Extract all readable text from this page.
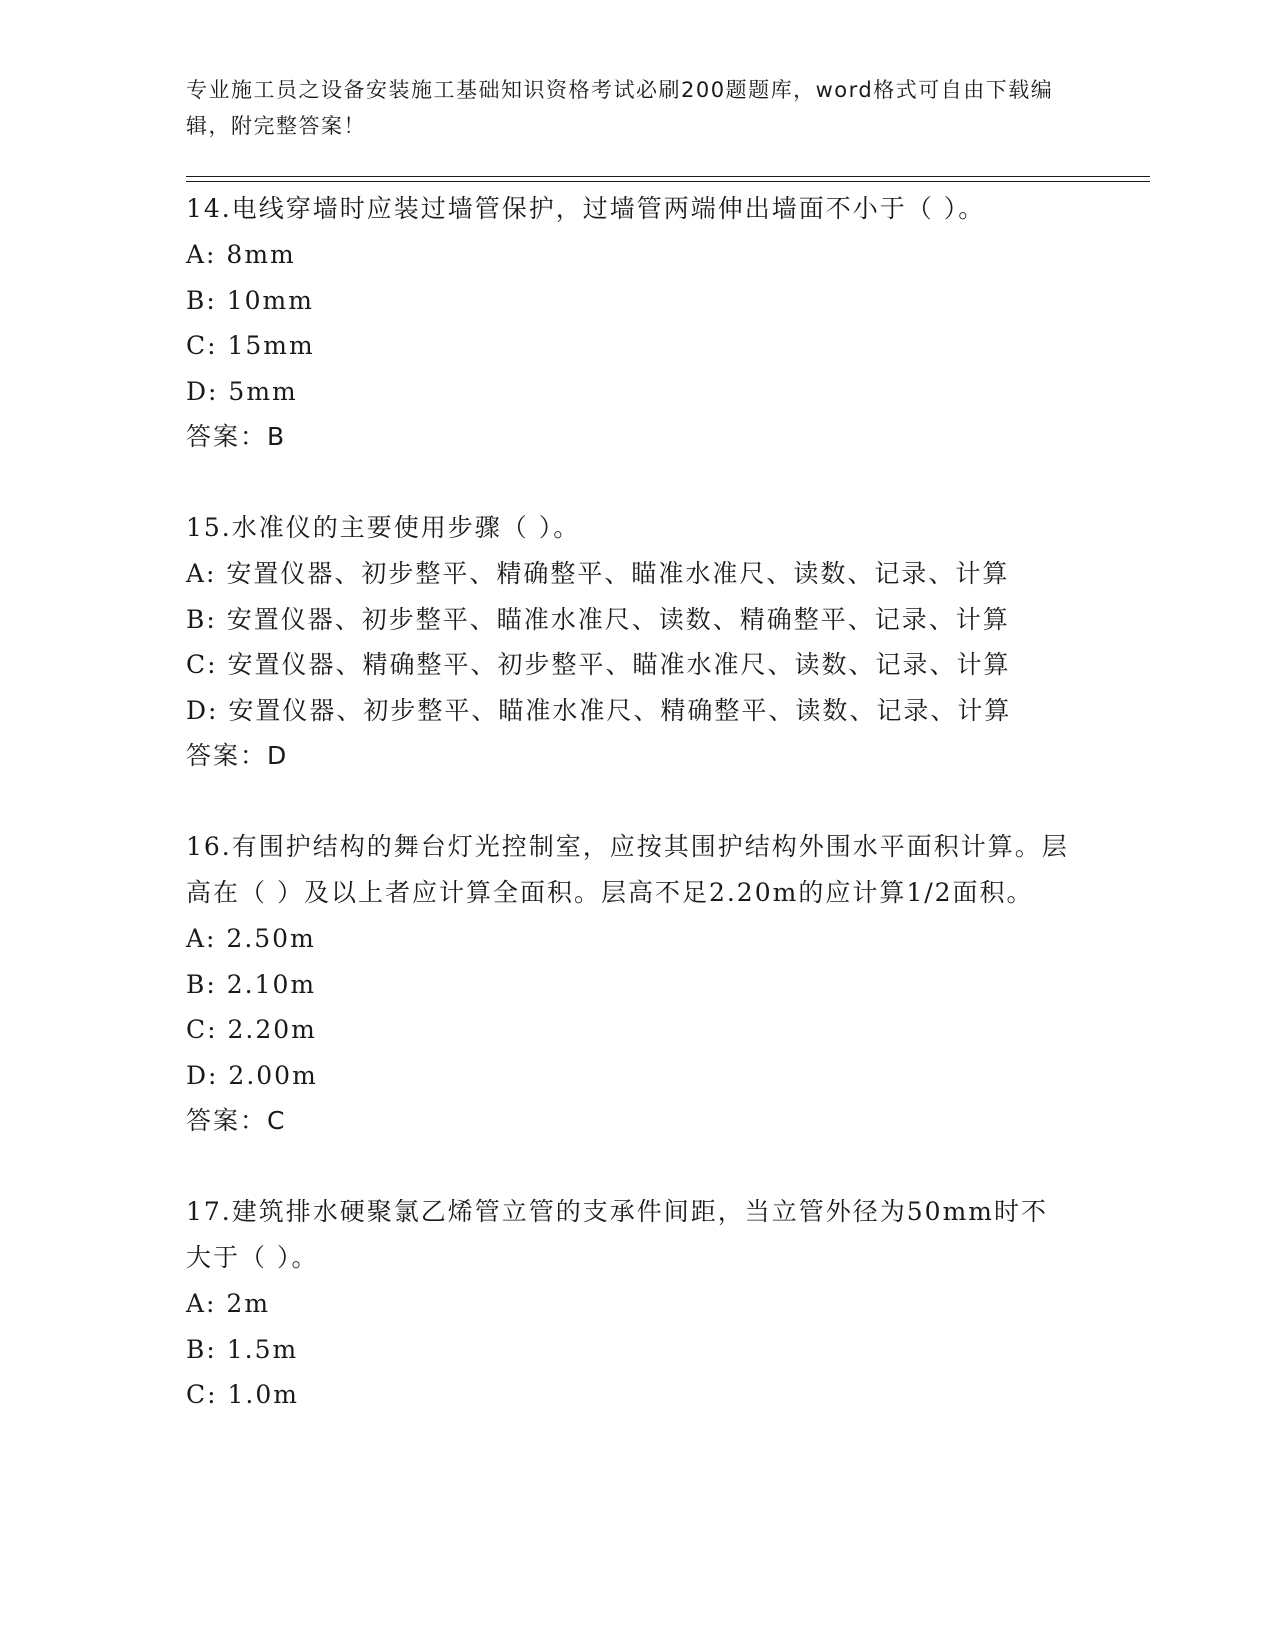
专业施工员之设备安装施工基础知识资格考试必刷200题题库，word格式可自由下载编辑，附完整答案！

14.电线穿墙时应装过墙管保护，过墙管两端伸出墙面不小于（ ）。

A: 8mm

B: 10mm

C: 15mm

D: 5mm

答案：B

15.水准仪的主要使用步骤（ ）。

A: 安置仪器、初步整平、精确整平、瞄准水准尺、读数、记录、计算

B: 安置仪器、初步整平、瞄准水准尺、读数、精确整平、记录、计算

C: 安置仪器、精确整平、初步整平、瞄准水准尺、读数、记录、计算

D: 安置仪器、初步整平、瞄准水准尺、精确整平、读数、记录、计算

答案：D

16.有围护结构的舞台灯光控制室，应按其围护结构外围水平面积计算。层高在（ ）及以上者应计算全面积。层高不足2.20m的应计算1/2面积。

A: 2.50m

B: 2.10m

C: 2.20m

D: 2.00m

答案：C

17.建筑排水硬聚氯乙烯管立管的支承件间距，当立管外径为50mm时不大于（ ）。

A: 2m

B: 1.5m

C: 1.0m
